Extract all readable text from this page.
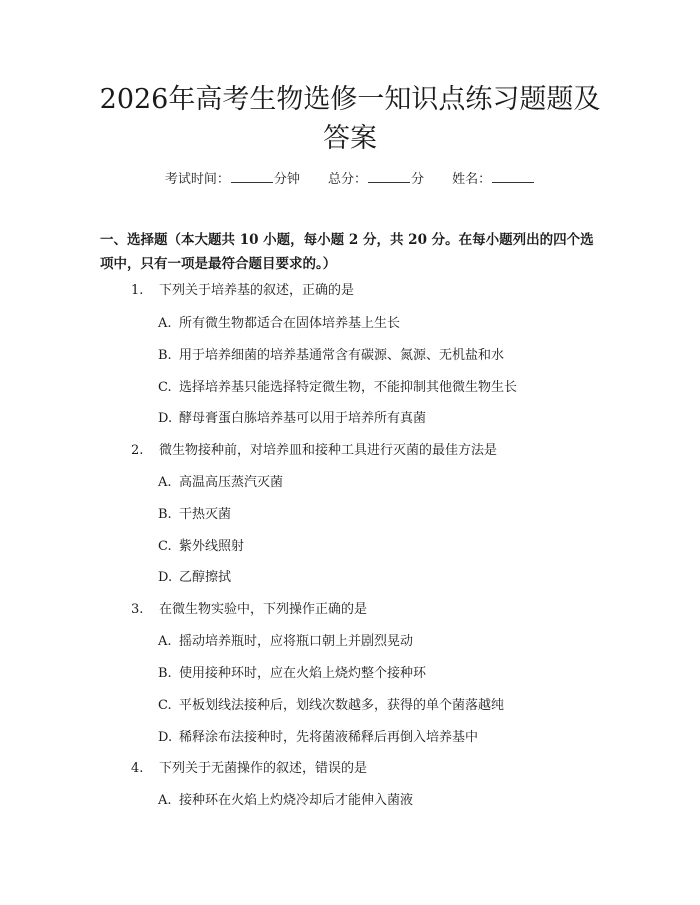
2026年高考生物选修一知识点练习题题及答案
考试时间：	分钟 总分：	分 姓名：

一、选择题（本大题共 10 小题，每小题 2 分，共 20 分。在每小题列出的四个选项中，只有一项是最符合题目要求的。）

1. 下列关于培养基的叙述，正确的是
A. 所有微生物都适合在固体培养基上生长
B. 用于培养细菌的培养基通常含有碳源、氮源、无机盐和水
C. 选择培养基只能选择特定微生物，不能抑制其他微生物生长
D. 酵母膏蛋白胨培养基可以用于培养所有真菌
2. 微生物接种前，对培养皿和接种工具进行灭菌的最佳方法是
A. 高温高压蒸汽灭菌
B. 干热灭菌
C. 紫外线照射
D. 乙醇擦拭
3. 在微生物实验中，下列操作正确的是
A. 摇动培养瓶时，应将瓶口朝上并剧烈晃动
B. 使用接种环时，应在火焰上烧灼整个接种环
C. 平板划线法接种后，划线次数越多，获得的单个菌落越纯
D. 稀释涂布法接种时，先将菌液稀释后再倒入培养基中
4. 下列关于无菌操作的叙述，错误的是
A. 接种环在火焰上灼烧冷却后才能伸入菌液
